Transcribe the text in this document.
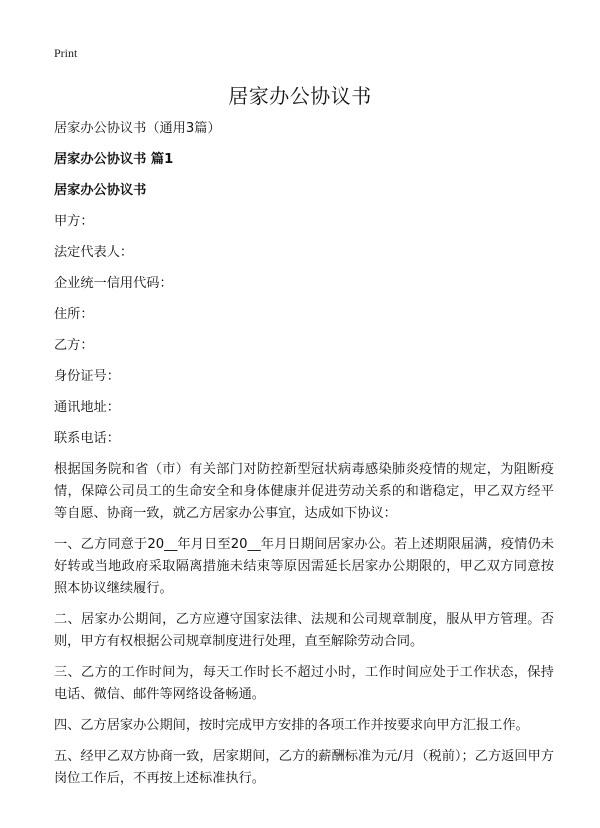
Print
居家办公协议书

居家办公协议书（通用3篇）

居家办公协议书 篇1

居家办公协议书

甲方：

法定代表人：

企业统一信用代码：

住所：

乙方：

身份证号：

通讯地址：

联系电话：

根据国务院和省（市）有关部门对防控新型冠状病毒感染肺炎疫情的规定，为阻断疫情，保障公司员工的生命安全和身体健康并促进劳动关系的和谐稳定，甲乙双方经平等自愿、协商一致，就乙方居家办公事宜，达成如下协议：

一、乙方同意于20__年月日至20__年月日期间居家办公。若上述期限届满，疫情仍未好转或当地政府采取隔离措施未结束等原因需延长居家办公期限的，甲乙双方同意按照本协议继续履行。

二、居家办公期间，乙方应遵守国家法律、法规和公司规章制度，服从甲方管理。否则，甲方有权根据公司规章制度进行处理，直至解除劳动合同。

三、乙方的工作时间为，每天工作时长不超过小时，工作时间应处于工作状态，保持电话、微信、邮件等网络设备畅通。

四、乙方居家办公期间，按时完成甲方安排的各项工作并按要求向甲方汇报工作。

五、经甲乙双方协商一致，居家期间，乙方的薪酬标准为元/月（税前）；乙方返回甲方岗位工作后，不再按上述标准执行。
